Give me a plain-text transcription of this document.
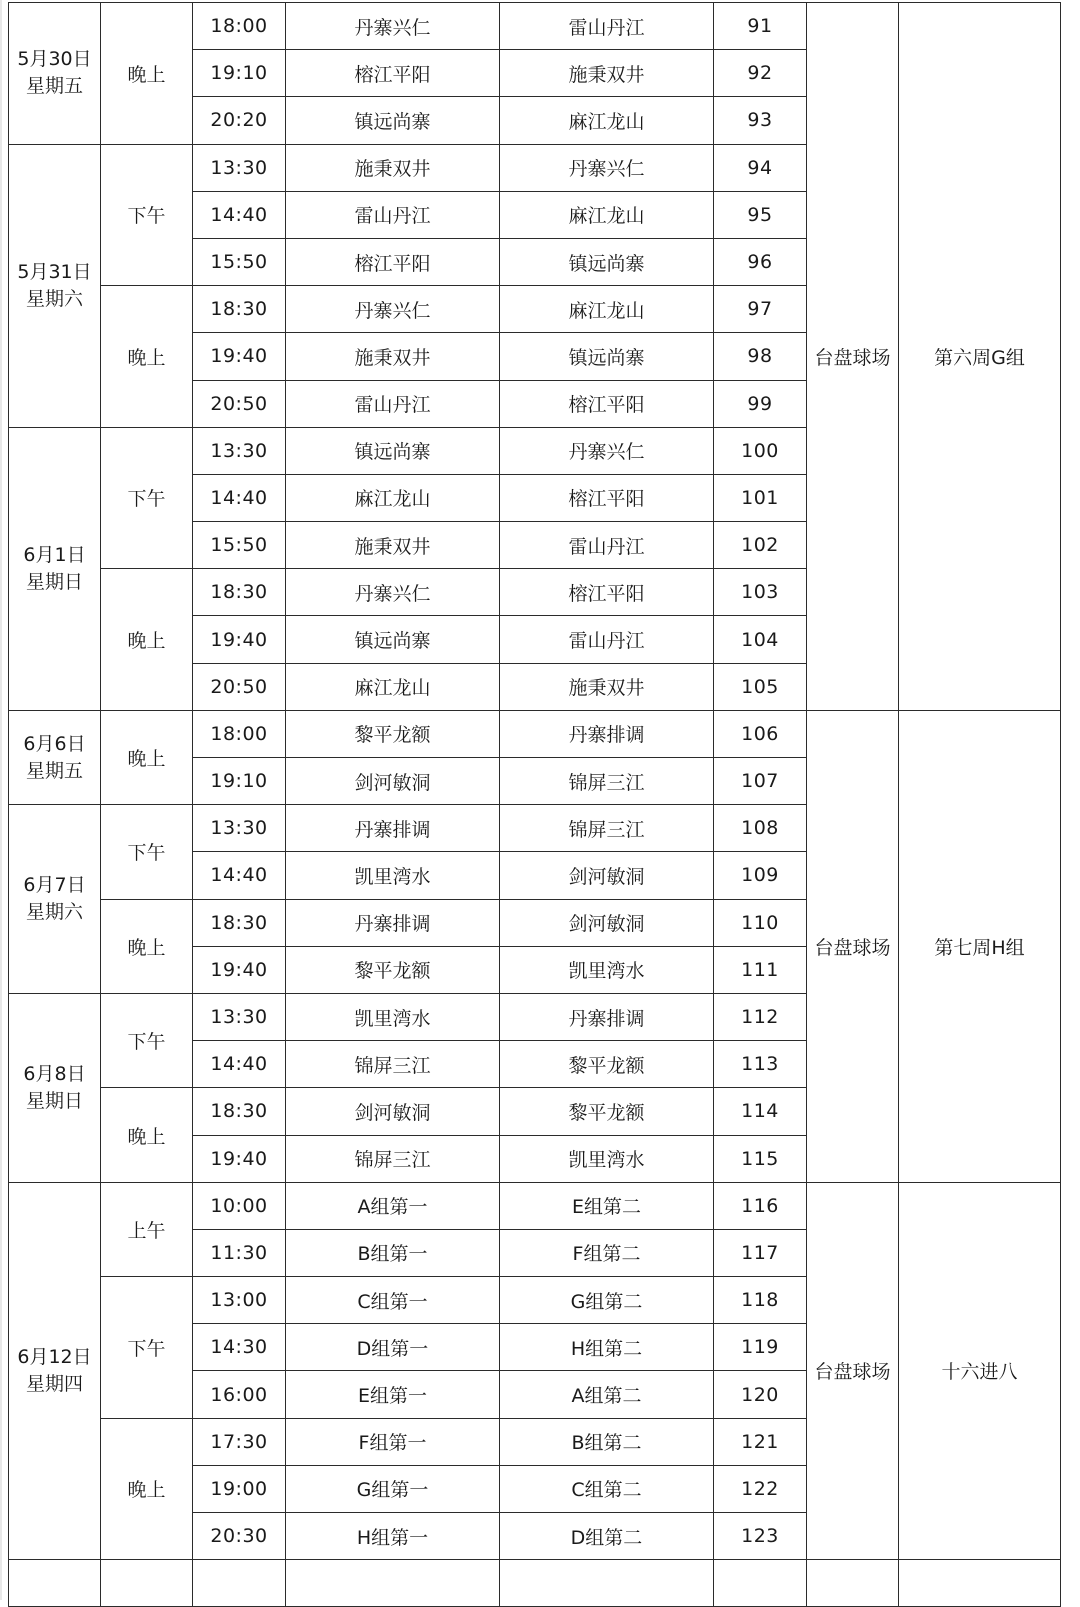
5月30日
星期五	晚上	18:00	丹寨兴仁	雷山丹江	91	台盘球场	第六周G组
		19:10	榕江平阳	施秉双井	92		
		20:20	镇远尚寨	麻江龙山	93		

5月31日
星期六	下午	13:30	施秉双井	丹寨兴仁	94		
		14:40	雷山丹江	麻江龙山	95		
		15:50	榕江平阳	镇远尚寨	96		
	晚上	18:30	丹寨兴仁	麻江龙山	97		
		19:40	施秉双井	镇远尚寨	98		
		20:50	雷山丹江	榕江平阳	99		

6月1日
星期日	下午	13:30	镇远尚寨	丹寨兴仁	100		
		14:40	麻江龙山	榕江平阳	101		
		15:50	施秉双井	雷山丹江	102		
	晚上	18:30	丹寨兴仁	榕江平阳	103		
		19:40	镇远尚寨	雷山丹江	104		
		20:50	麻江龙山	施秉双井	105		

6月6日
星期五	晚上	18:00	黎平龙额	丹寨排调	106	台盘球场	第七周H组
		19:10	剑河敏洞	锦屏三江	107		

6月7日
星期六	下午	13:30	丹寨排调	锦屏三江	108		
		14:40	凯里湾水	剑河敏洞	109		
	晚上	18:30	丹寨排调	剑河敏洞	110		
		19:40	黎平龙额	凯里湾水	111		

6月8日
星期日	下午	13:30	凯里湾水	丹寨排调	112		
		14:40	锦屏三江	黎平龙额	113		
	晚上	18:30	剑河敏洞	黎平龙额	114		
		19:40	锦屏三江	凯里湾水	115		

6月12日
星期四	上午	10:00	A组第一	E组第二	116	台盘球场	十六进八
		11:30	B组第一	F组第二	117		
	下午	13:00	C组第一	G组第二	118		
		14:30	D组第一	H组第二	119		
		16:00	E组第一	A组第二	120		
	晚上	17:30	F组第一	B组第二	121		
		19:00	G组第一	C组第二	122		
		20:30	H组第一	D组第二	123		
